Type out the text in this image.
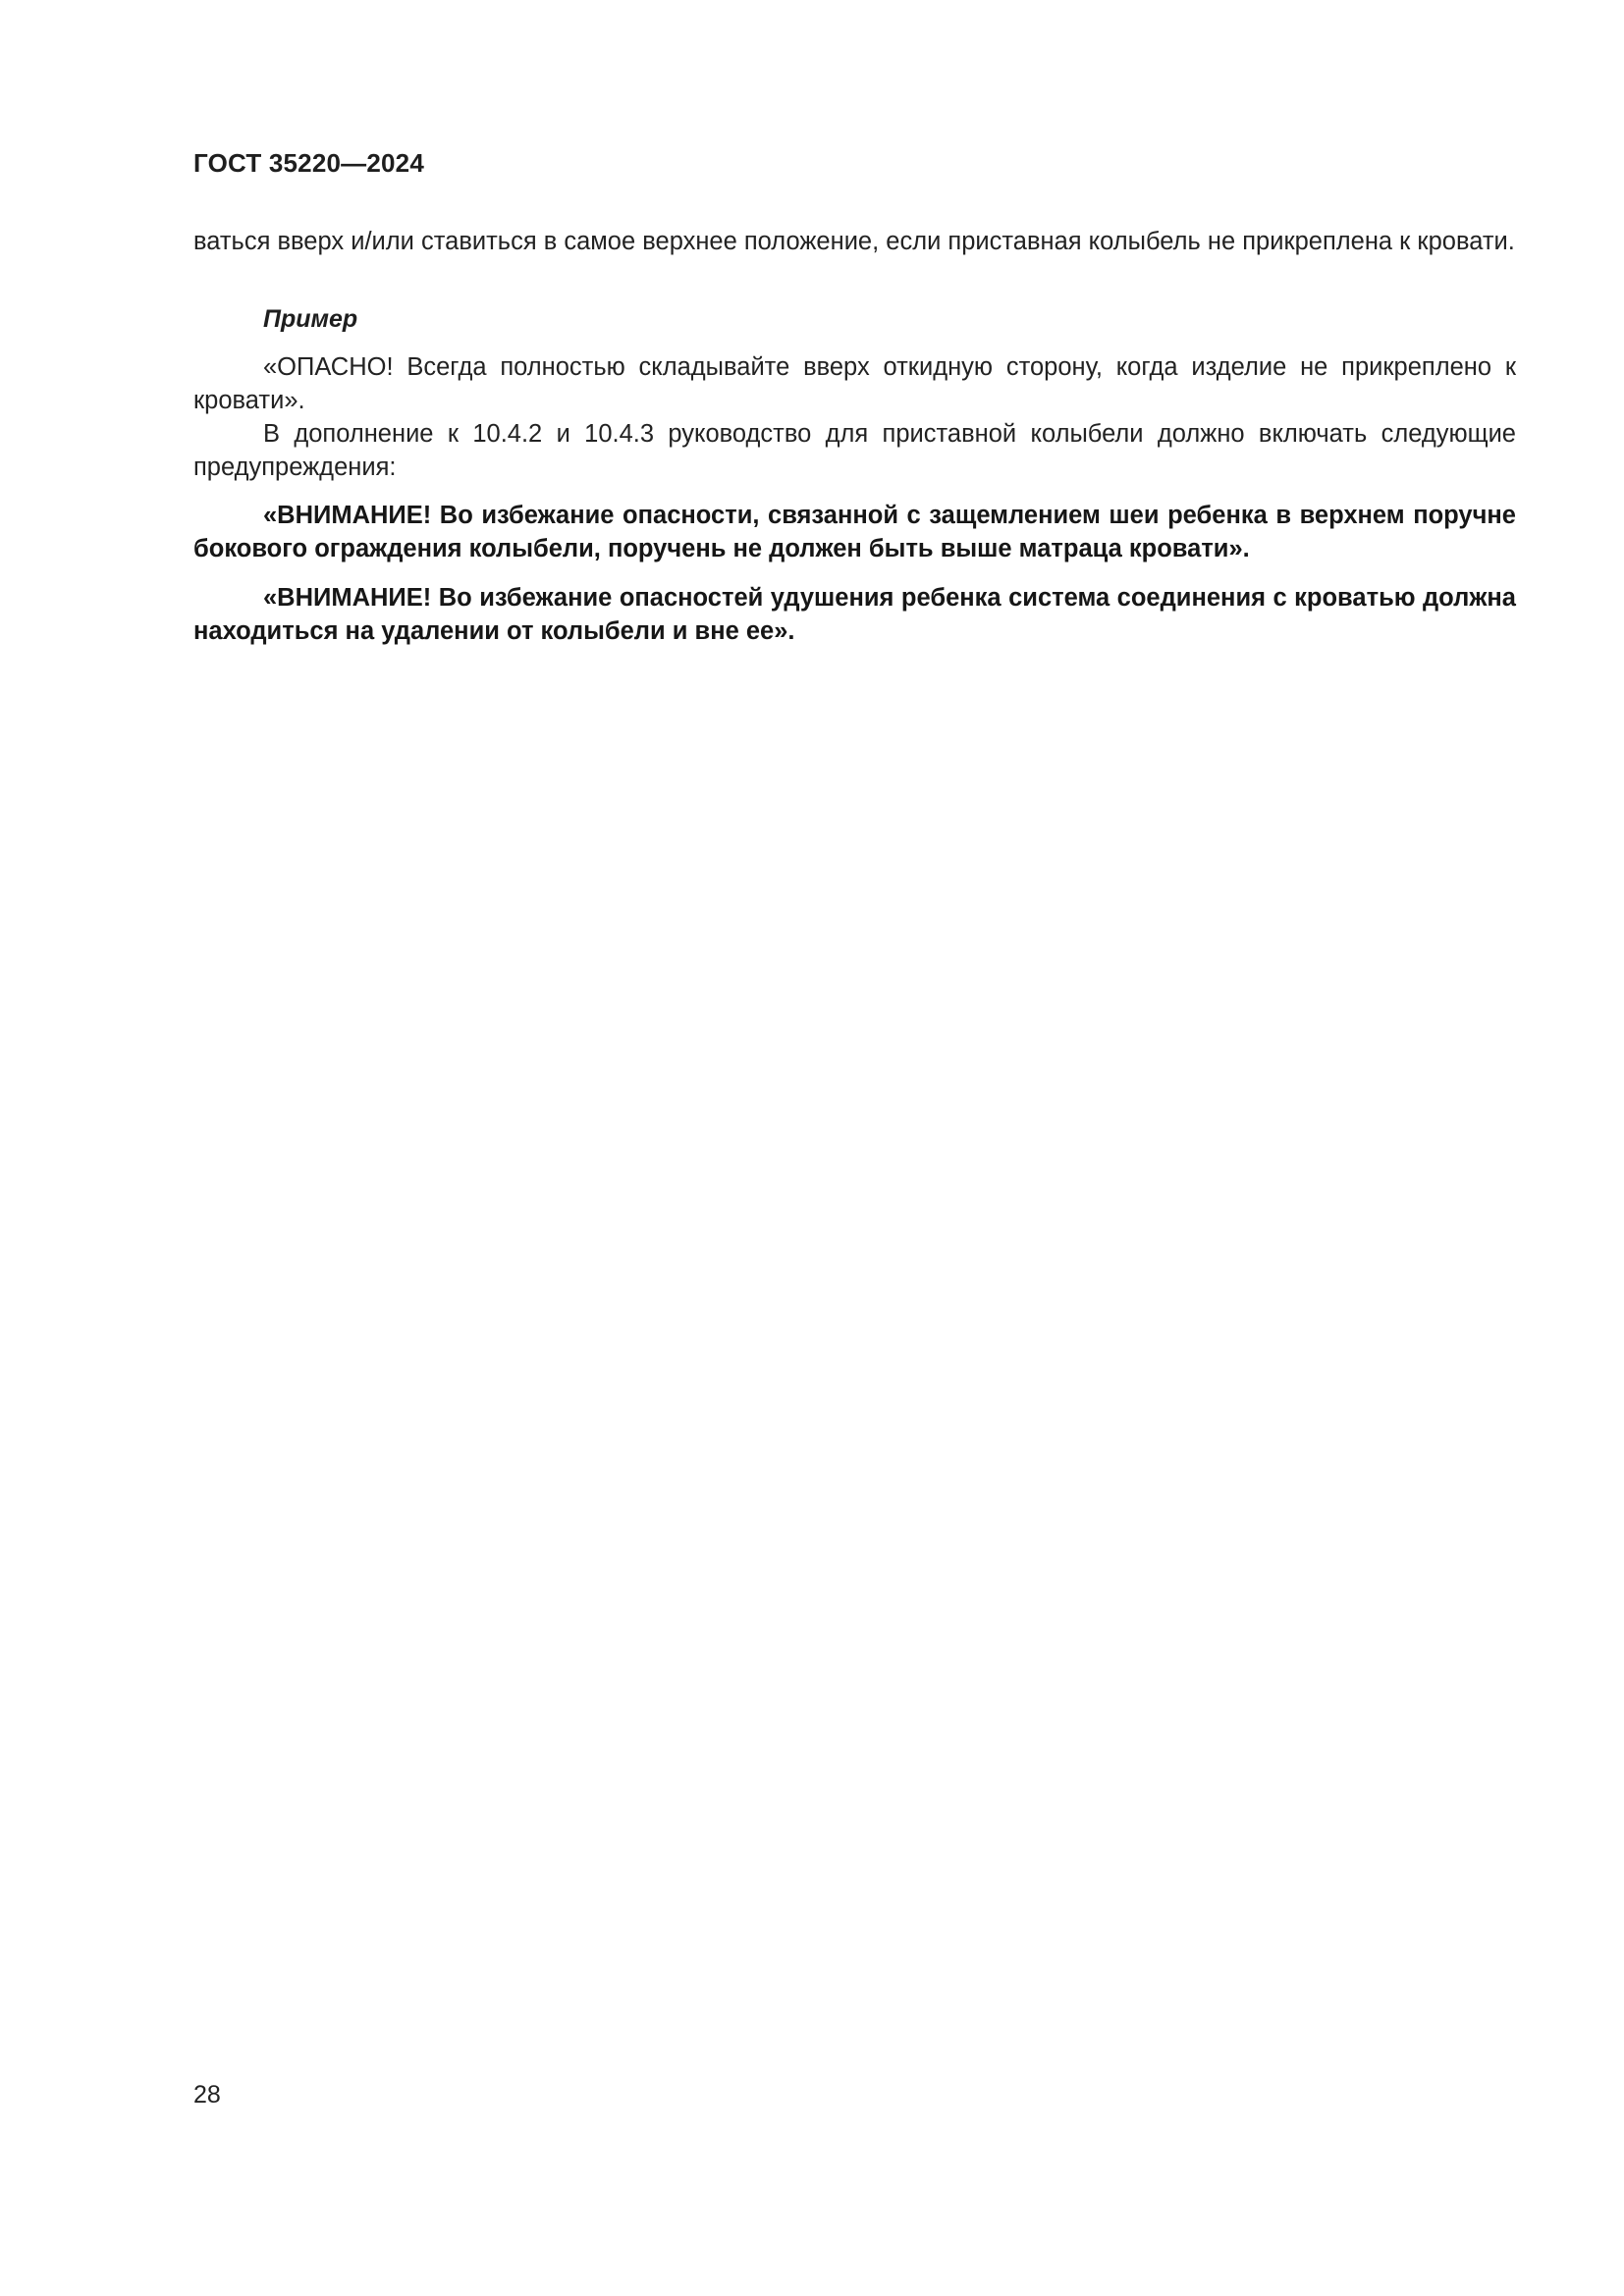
ГОСТ 35220—2024

ваться вверх и/или ставиться в самое верхнее положение, если приставная колыбель не прикреплена к кровати.

Пример

«ОПАСНО! Всегда полностью складывайте вверх откидную сторону, когда изделие не прикреплено к кровати».

В дополнение к 10.4.2 и 10.4.3 руководство для приставной колыбели должно включать следующие предупреждения:

«ВНИМАНИЕ! Во избежание опасности, связанной с защемлением шеи ребенка в верхнем поручне бокового ограждения колыбели, поручень не должен быть выше матраца кровати».

«ВНИМАНИЕ! Во избежание опасностей удушения ребенка система соединения с кроватью должна находиться на удалении от колыбели и вне ее».

28
